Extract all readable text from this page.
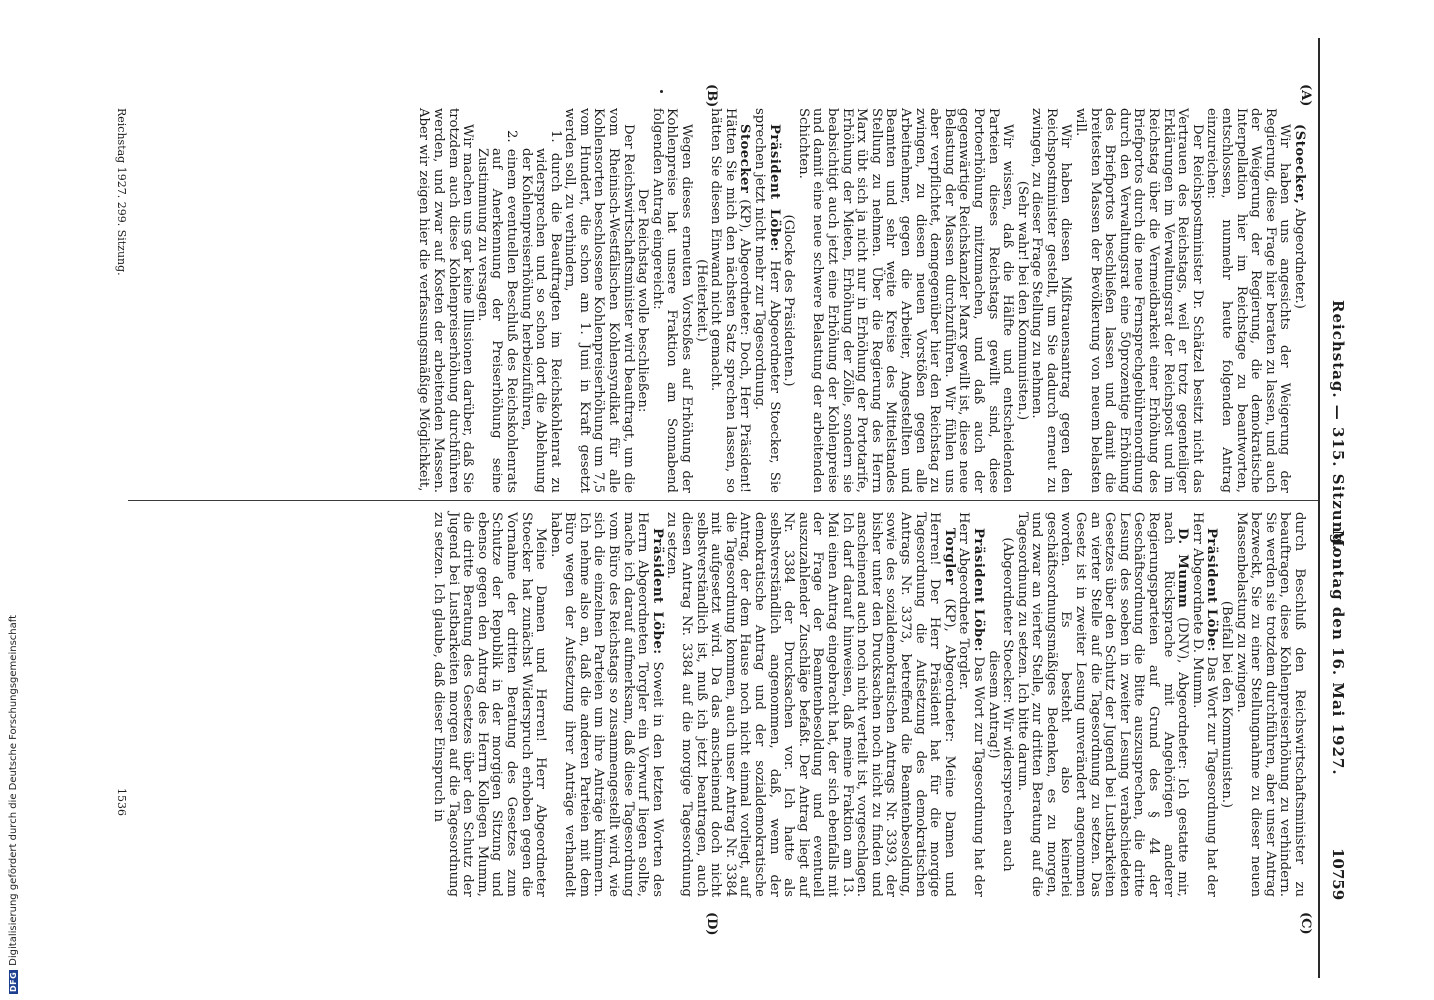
Reichstag. — 315. Sitzung.
Montag den 16. Mai 1927.
10759
(A)
(B)
(C)
(D)

(Stoecker, Abgeordneter.)

Wir haben uns angesichts der Weigerung der Regierung, diese Frage hier beraten zu lassen, und auch der Weigerung der Regierung, die demokratische Interpellation hier im Reichstage zu beantworten, entschlossen, nunmehr heute folgenden Antrag einzureichen:

Der Reichspostminister Dr. Schätzel besitzt nicht das Vertrauen des Reichstags, weil er trotz gegenteiliger Erklärungen im Verwaltungsrat der Reichspost und im Reichstag über die Vermeidbarkeit einer Erhöhung des Briefportos durch die neue Fernsprechgebührenordnung durch den Verwaltungsrat eine 50prozentige Erhöhung des Briefportos beschließen lassen und damit die breitesten Massen der Bevölkerung von neuem belasten will.

Wir haben diesen Mißtrauensantrag gegen den Reichspostminister gestellt, um Sie dadurch erneut zu zwingen, zu dieser Frage Stellung zu nehmen.

(Sehr wahr! bei den Kommunisten.)

Wir wissen, daß die Hälfte und entscheidenden Parteien dieses Reichstags gewillt sind, diese Portoerhöhung mitzumachen, und daß auch der gegenwärtige Reichskanzler Marx gewillt ist, diese neue Belastung der Massen durchzuführen. Wir fühlen uns aber verpflichtet, demgegenüber hier den Reichstag zu zwingen, zu diesen neuen Vorstößen gegen alle Arbeitnehmer, gegen die Arbeiter, Angestellten und Beamten und sehr weite Kreise des Mittelstandes Stellung zu nehmen. Über die Regierung des Herrn Marx übt sich ja nicht nur in Erhöhung der Portotarife, Erhöhung der Mieten, Erhöhung der Zölle, sondern sie beabsichtigt auch jetzt eine Erhöhung der Kohlenpreise und damit eine neue schwere Belastung der arbeitenden Schichten.

(Glocke des Präsidenten.)

Präsident Löbe: Herr Abgeordneter Stoecker, Sie sprechen jetzt nicht mehr zur Tagesordnung.

Stoecker (KP), Abgeordneter: Doch, Herr Präsident! Hätten Sie mich den nächsten Satz sprechen lassen, so hätten Sie diesen Einwand nicht gemacht.

(Heiterkeit.)

Wegen dieses erneuten Vorstoßes auf Erhöhung der Kohlenpreise hat unsere Fraktion am Sonnabend folgenden Antrag eingereicht:

Der Reichstag wolle beschließen:

Der Reichswirtschaftsminister wird beauftragt, um die vom Rheinisch-Westfälischen Kohlensyndikat für alle Kohlensorten beschlossene Kohlenpreiserhöhung um 7,5 vom Hundert, die schon am 1. Juni in Kraft gesetzt werden soll, zu verhindern,

1. durch die Beauftragten im Reichskohlenrat zu widersprechen und so schon dort die Ablehnung der Kohlenpreiserhöhung herbeizuführen,

2. einem eventuellen Beschluß des Reichskohlenrats auf Anerkennung der Preiserhöhung seine Zustimmung zu versagen.

Wir machen uns gar keine Illusionen darüber, daß Sie trotzdem auch diese Kohlenpreiserhöhung durchführen werden, und zwar auf Kosten der arbeitenden Massen. Aber wir zeigen hier die verfassungsmäßige Möglichkeit,

durch Beschluß den Reichswirtschaftsminister zu beauftragen, diese Kohlenpreiserhöhung zu verhindern. Sie werden sie trotzdem durchführen, aber unser Antrag bezweckt, Sie zu einer Stellungnahme zu dieser neuen Massenbelastung zu zwingen.

(Beifall bei den Kommunisten.)

Präsident Löbe: Das Wort zur Tagesordnung hat der Herr Abgeordnete D. Mumm.

D. Mumm (DNV), Abgeordneter: Ich gestatte mir, nach Rücksprache mit Angehörigen anderer Regierungsparteien auf Grund des § 44 der Geschäftsordnung die Bitte auszusprechen, die dritte Lesung des soeben in zweiter Lesung verabschiedeten Gesetzes über den Schutz der Jugend bei Lustbarkeiten an vierter Stelle auf die Tagesordnung zu setzen. Das Gesetz ist in zweiter Lesung unverändert angenommen worden. Es besteht also keinerlei geschäftsordnungsmäßiges Bedenken, es zu morgen, und zwar an vierter Stelle, zur dritten Beratung auf die Tagesordnung zu setzen. Ich bitte darum.

(Abgeordneter Stoecker: Wir widersprechen auch diesem Antrag!)

Präsident Löbe: Das Wort zur Tagesordnung hat der Herr Abgeordnete Torgler.

Torgler (KP), Abgeordneter: Meine Damen und Herren! Der Herr Präsident hat für die morgige Tagesordnung die Aufsetzung des demokratischen Antrags Nr. 3373, betreffend die Beamtenbesoldung, sowie des sozialdemokratischen Antrags Nr. 3393, der bisher unter den Drucksachen noch nicht zu finden und anscheinend auch noch nicht verteilt ist, vorgeschlagen. Ich darf darauf hinweisen, daß meine Fraktion am 13. Mai einen Antrag eingebracht hat, der sich ebenfalls mit der Frage der Beamtenbesoldung und eventuell auszuzahlender Zuschläge befaßt. Der Antrag liegt auf Nr. 3384 der Drucksachen vor. Ich hatte als selbstverständlich angenommen, daß, wenn der demokratische Antrag und der sozialdemokratische Antrag, der dem Hause noch nicht einmal vorliegt, auf die Tagesordnung kommen, auch unser Antrag Nr. 3384 mit aufgesetzt wird. Da das anscheinend doch nicht selbstverständlich ist, muß ich jetzt beantragen, auch diesen Antrag Nr. 3384 auf die morgige Tagesordnung zu setzen.

Präsident Löbe: Soweit in den letzten Worten des Herrn Abgeordneten Torgler ein Vorwurf liegen sollte, mache ich darauf aufmerksam, daß diese Tagesordnung vom Büro des Reichstags so zusammengestellt wird, wie sich die einzelnen Parteien um ihre Anträge kümmern. Ich nehme also an, daß die anderen Parteien mit dem Büro wegen der Aufsetzung ihrer Anträge verhandelt haben.

Meine Damen und Herren! Herr Abgeordneter Stoecker hat zunächst Widerspruch erhoben gegen die Vornahme der dritten Beratung des Gesetzes zum Schutze der Republik in der morgigen Sitzung und ebenso gegen den Antrag des Herrn Kollegen Mumm, die dritte Beratung des Gesetzes über den Schutz der Jugend bei Lustbarkeiten morgen auf die Tagesordnung zu setzen. Ich glaube, daß dieser Einspruch in

Reichstag 1927. 299. Sitzung.
1536
DFGDigitalisierung gefördert durch die Deutsche Forschungsgemeinschaft
